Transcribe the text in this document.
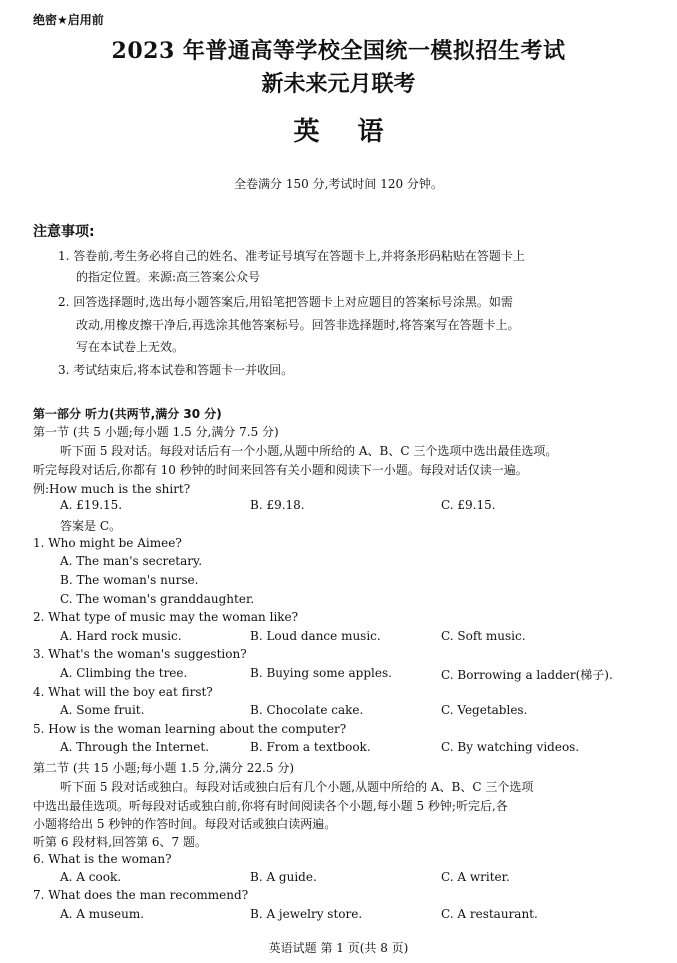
绝密★启用前
2023 年普通高等学校全国统一模拟招生考试
新未来元月联考
英语
全卷满分 150 分,考试时间 120 分钟。
注意事项:
1. 答卷前,考生务必将自己的姓名、准考证号填写在答题卡上,并将条形码粘贴在答题卡上
的指定位置。来源:高三答案公众号
2. 回答选择题时,选出每小题答案后,用铅笔把答题卡上对应题目的答案标号涂黑。如需
改动,用橡皮擦干净后,再选涂其他答案标号。回答非选择题时,将答案写在答题卡上。
写在本试卷上无效。
3. 考试结束后,将本试卷和答题卡一并收回。
第一部分 听力(共两节,满分 30 分)
第一节 (共 5 小题;每小题 1.5 分,满分 7.5 分)
听下面 5 段对话。每段对话后有一个小题,从题中所给的 A、B、C 三个选项中选出最佳选项。
听完每段对话后,你都有 10 秒钟的时间来回答有关小题和阅读下一小题。每段对话仅读一遍。
例:How much is the shirt?
A. £19.15.	B. £9.18.	C. £9.15.
答案是 C。
1. Who might be Aimee?
A. The man's secretary.
B. The woman's nurse.
C. The woman's granddaughter.
2. What type of music may the woman like?
A. Hard rock music.	B. Loud dance music.	C. Soft music.
3. What's the woman's suggestion?
A. Climbing the tree.	B. Buying some apples.	C. Borrowing a ladder(梯子).
4. What will the boy eat first?
A. Some fruit.	B. Chocolate cake.	C. Vegetables.
5. How is the woman learning about the computer?
A. Through the Internet.	B. From a textbook.	C. By watching videos.
第二节 (共 15 小题;每小题 1.5 分,满分 22.5 分)
听下面 5 段对话或独白。每段对话或独白后有几个小题,从题中所给的 A、B、C 三个选项
中选出最佳选项。听每段对话或独白前,你将有时间阅读各个小题,每小题 5 秒钟;听完后,各
小题将给出 5 秒钟的作答时间。每段对话或独白读两遍。
听第 6 段材料,回答第 6、7 题。
6. What is the woman?
A. A cook.	B. A guide.	C. A writer.
7. What does the man recommend?
A. A museum.	B. A jewelry store.	C. A restaurant.
英语试题 第 1 页(共 8 页)
